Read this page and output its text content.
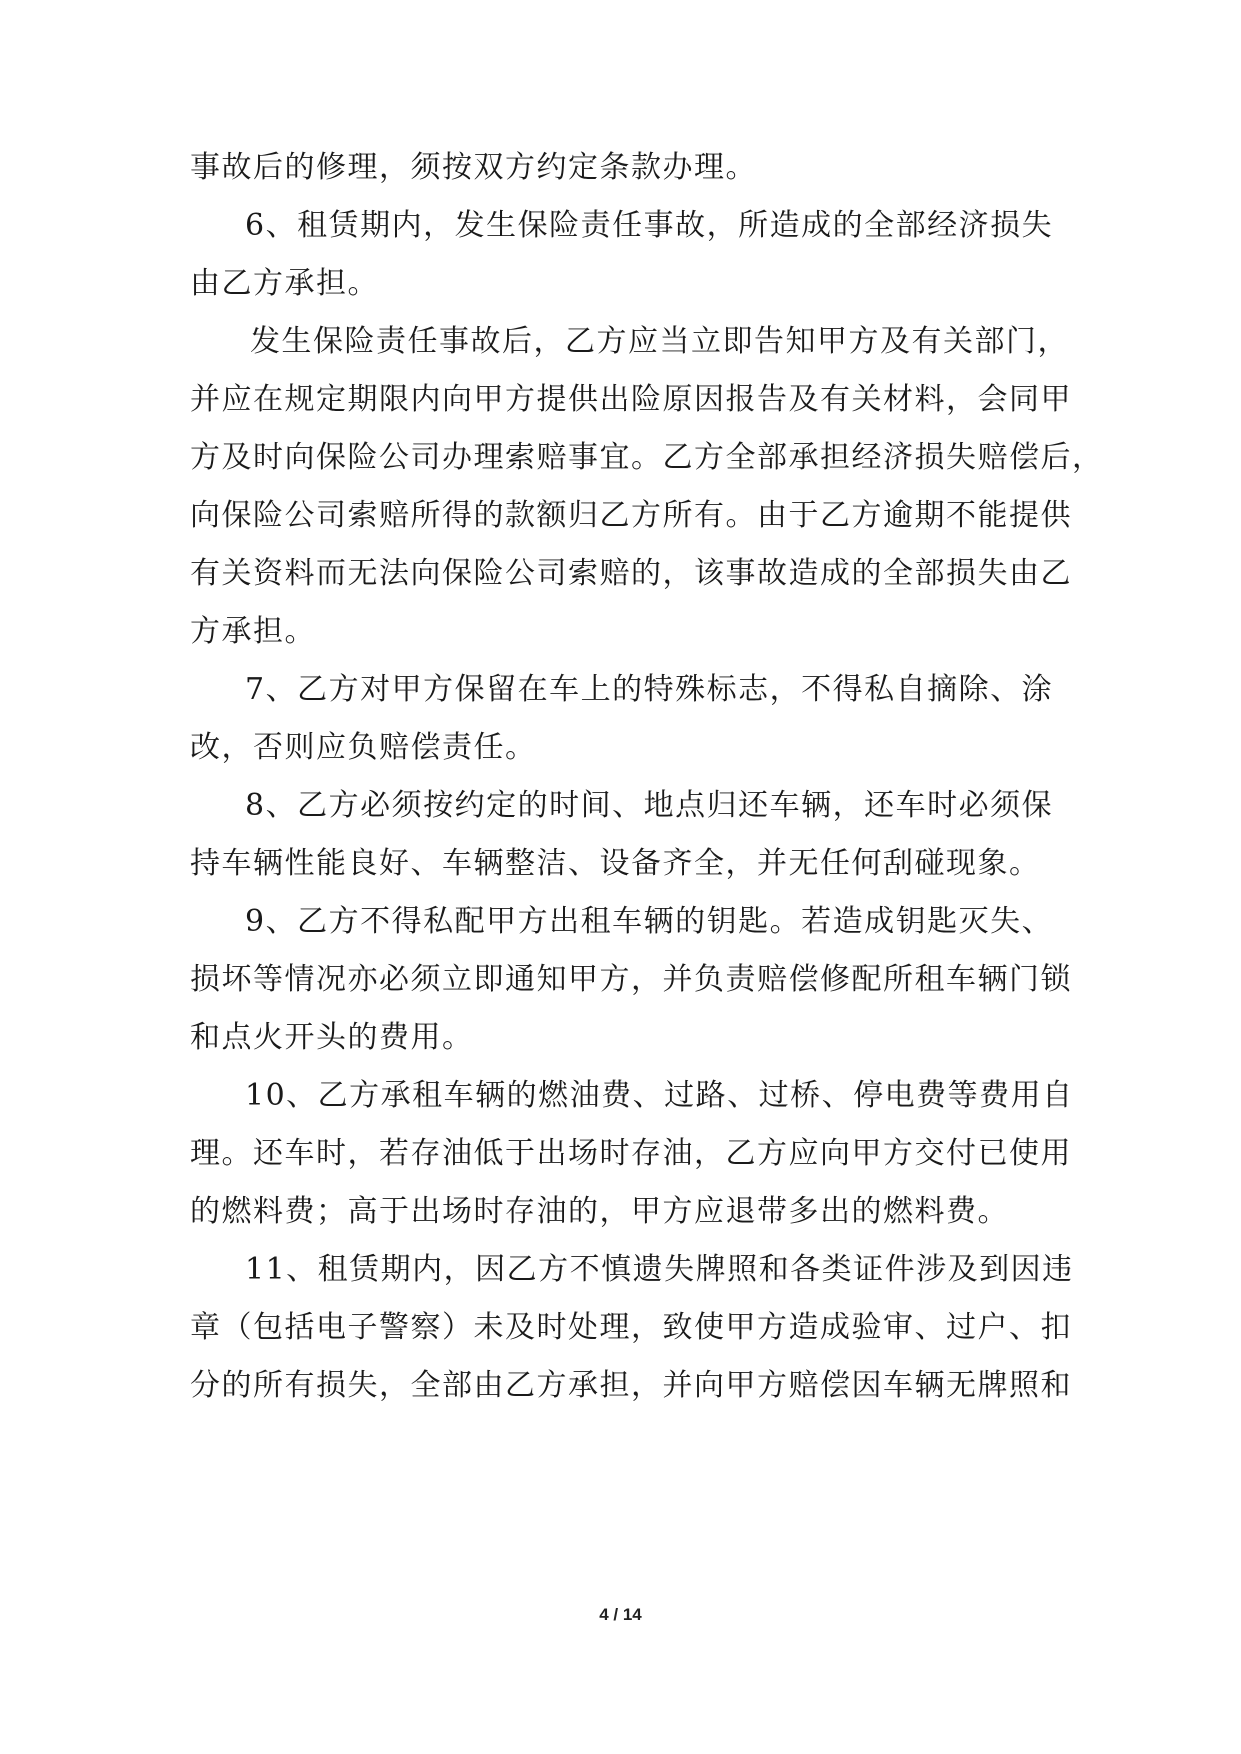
事故后的修理，须按双方约定条款办理。
6、租赁期内，发生保险责任事故，所造成的全部经济损失
由乙方承担。
发生保险责任事故后，乙方应当立即告知甲方及有关部门，
并应在规定期限内向甲方提供出险原因报告及有关材料，会同甲
方及时向保险公司办理索赔事宜。乙方全部承担经济损失赔偿后，
向保险公司索赔所得的款额归乙方所有。由于乙方逾期不能提供
有关资料而无法向保险公司索赔的，该事故造成的全部损失由乙
方承担。
7、乙方对甲方保留在车上的特殊标志，不得私自摘除、涂
改，否则应负赔偿责任。
8、乙方必须按约定的时间、地点归还车辆，还车时必须保
持车辆性能良好、车辆整洁、设备齐全，并无任何刮碰现象。
9、乙方不得私配甲方出租车辆的钥匙。若造成钥匙灭失、
损坏等情况亦必须立即通知甲方，并负责赔偿修配所租车辆门锁
和点火开头的费用。
10、乙方承租车辆的燃油费、过路、过桥、停电费等费用自
理。还车时，若存油低于出场时存油，乙方应向甲方交付已使用
的燃料费；高于出场时存油的，甲方应退带多出的燃料费。
11、租赁期内，因乙方不慎遗失牌照和各类证件涉及到因违
章（包括电子警察）未及时处理，致使甲方造成验审、过户、扣
分的所有损失，全部由乙方承担，并向甲方赔偿因车辆无牌照和
4 / 14
